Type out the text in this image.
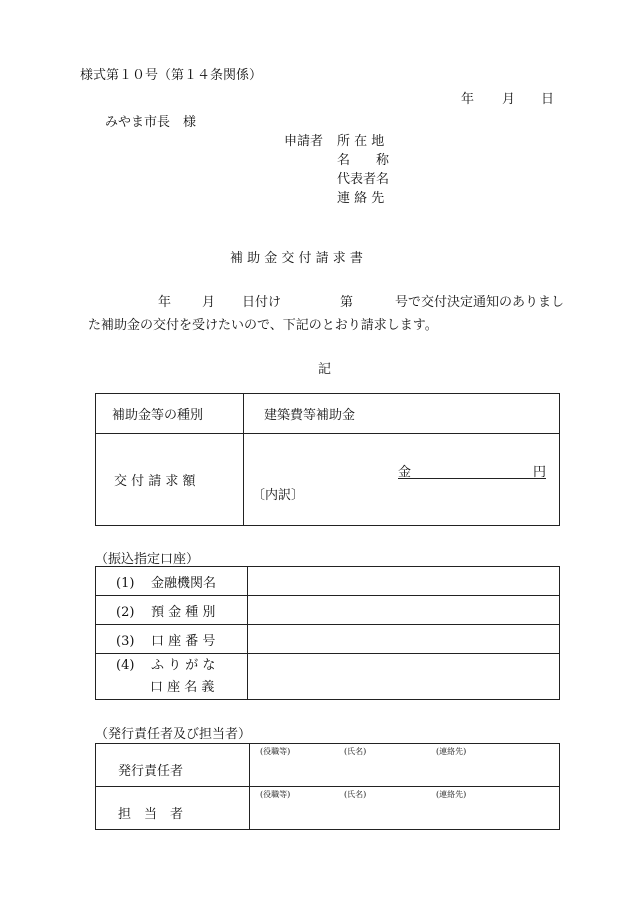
様式第１０号（第１４条関係）
年 月 日
みやま市長　様
申請者 所 在 地
名　　称
代表者名
連 絡 先
補 助 金 交 付 請 求 書
年 月 日付け	第	号で交付決定通知のありまし
た補助金の交付を受けたいので、下記のとおり請求します。
記
補助金等の種別	建築費等補助金
交 付 請 求 額	金 円
〔内訳〕
（振込指定口座）
(1) 金融機関名	
(2) 預 金 種 別	
(3) 口 座 番 号	
(4) ふ り が な
口 座 名 義	
（発行責任者及び担当者）
発行責任者	(役職等) (氏名) (連絡先)

担　当　者	(役職等) (氏名) (連絡先)
